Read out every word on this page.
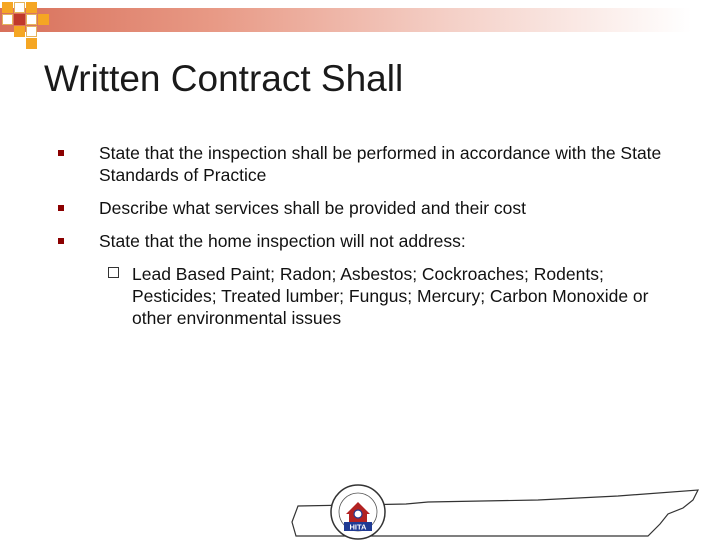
Written Contract Shall
State that the inspection shall be performed in accordance with the State Standards of Practice
Describe what services shall be provided and their cost
State that the home inspection will not address:
Lead Based Paint; Radon; Asbestos; Cockroaches; Rodents; Pesticides; Treated lumber; Fungus; Mercury; Carbon Monoxide or other environmental issues
HITA
